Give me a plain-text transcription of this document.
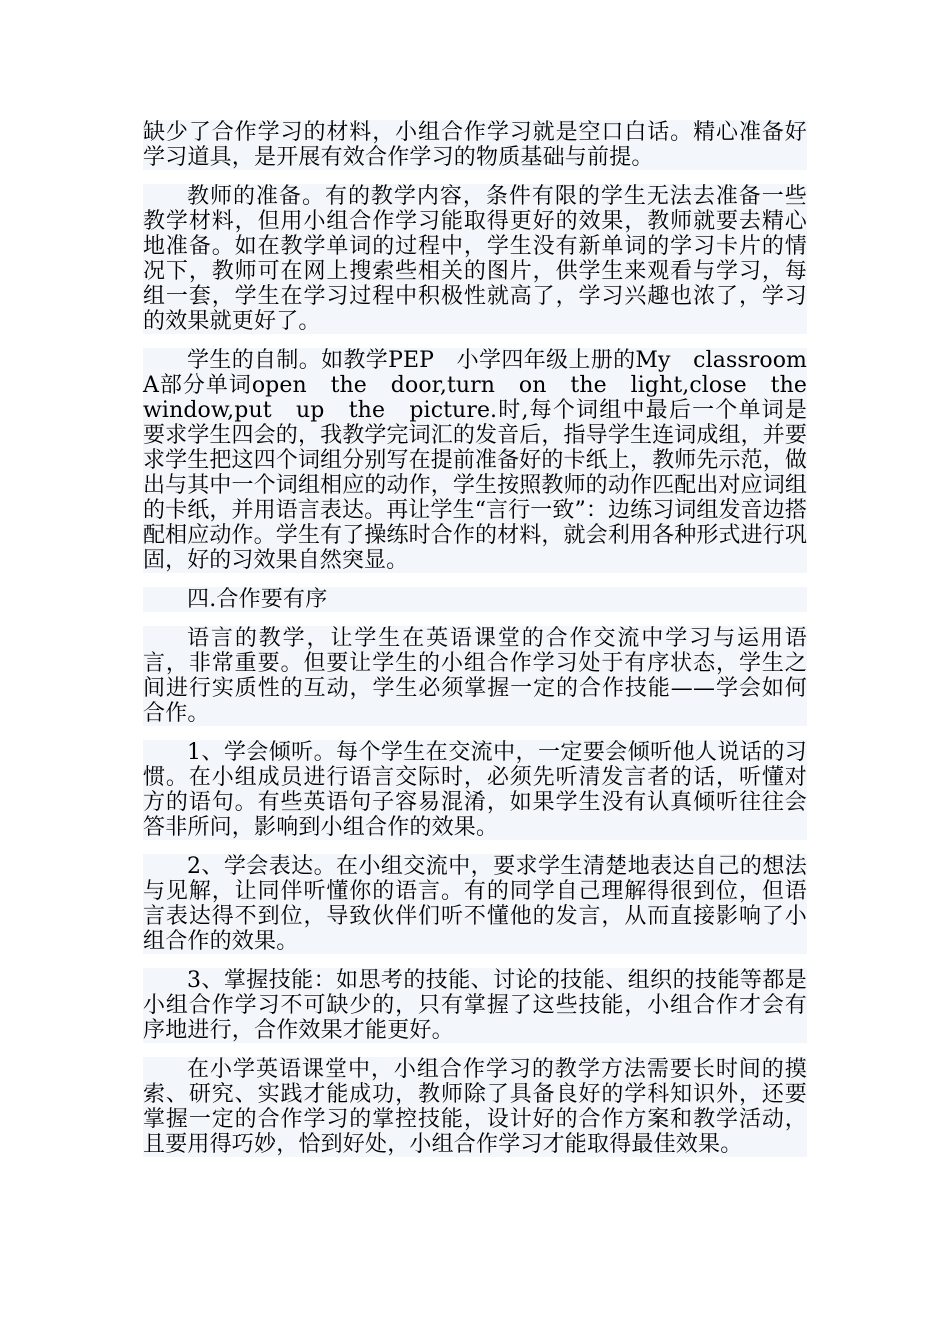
缺少了合作学习的材料，小组合作学习就是空口白话。精心准备好学习道具，是开展有效合作学习的物质基础与前提。

教师的准备。有的教学内容，条件有限的学生无法去准备一些教学材料，但用小组合作学习能取得更好的效果，教师就要去精心地准备。如在教学单词的过程中，学生没有新单词的学习卡片的情况下，教师可在网上搜索些相关的图片，供学生来观看与学习，每组一套，学生在学习过程中积极性就高了，学习兴趣也浓了，学习的效果就更好了。

学生的自制。如教学PEP　小学四年级上册的My　classroom A部分单词open　the　door,turn　on　the　light,close　the　window,put　up　the　picture.时,每个词组中最后一个单词是要求学生四会的，我教学完词汇的发音后，指导学生连词成组，并要求学生把这四个词组分别写在提前准备好的卡纸上，教师先示范，做出与其中一个词组相应的动作，学生按照教师的动作匹配出对应词组的卡纸，并用语言表达。再让学生“言行一致”：边练习词组发音边搭配相应动作。学生有了操练时合作的材料，就会利用各种形式进行巩固，好的习效果自然突显。

四.合作要有序

语言的教学，让学生在英语课堂的合作交流中学习与运用语言，非常重要。但要让学生的小组合作学习处于有序状态，学生之间进行实质性的互动，学生必须掌握一定的合作技能——学会如何合作。

1、学会倾听。每个学生在交流中，一定要会倾听他人说话的习惯。在小组成员进行语言交际时，必须先听清发言者的话，听懂对方的语句。有些英语句子容易混淆，如果学生没有认真倾听往往会答非所问，影响到小组合作的效果。

2、学会表达。在小组交流中，要求学生清楚地表达自己的想法与见解，让同伴听懂你的语言。有的同学自己理解得很到位，但语言表达得不到位，导致伙伴们听不懂他的发言，从而直接影响了小组合作的效果。

3、掌握技能：如思考的技能、讨论的技能、组织的技能等都是小组合作学习不可缺少的，只有掌握了这些技能，小组合作才会有序地进行，合作效果才能更好。

在小学英语课堂中，小组合作学习的教学方法需要长时间的摸索、研究、实践才能成功，教师除了具备良好的学科知识外，还要掌握一定的合作学习的掌控技能，设计好的合作方案和教学活动，且要用得巧妙，恰到好处，小组合作学习才能取得最佳效果。
